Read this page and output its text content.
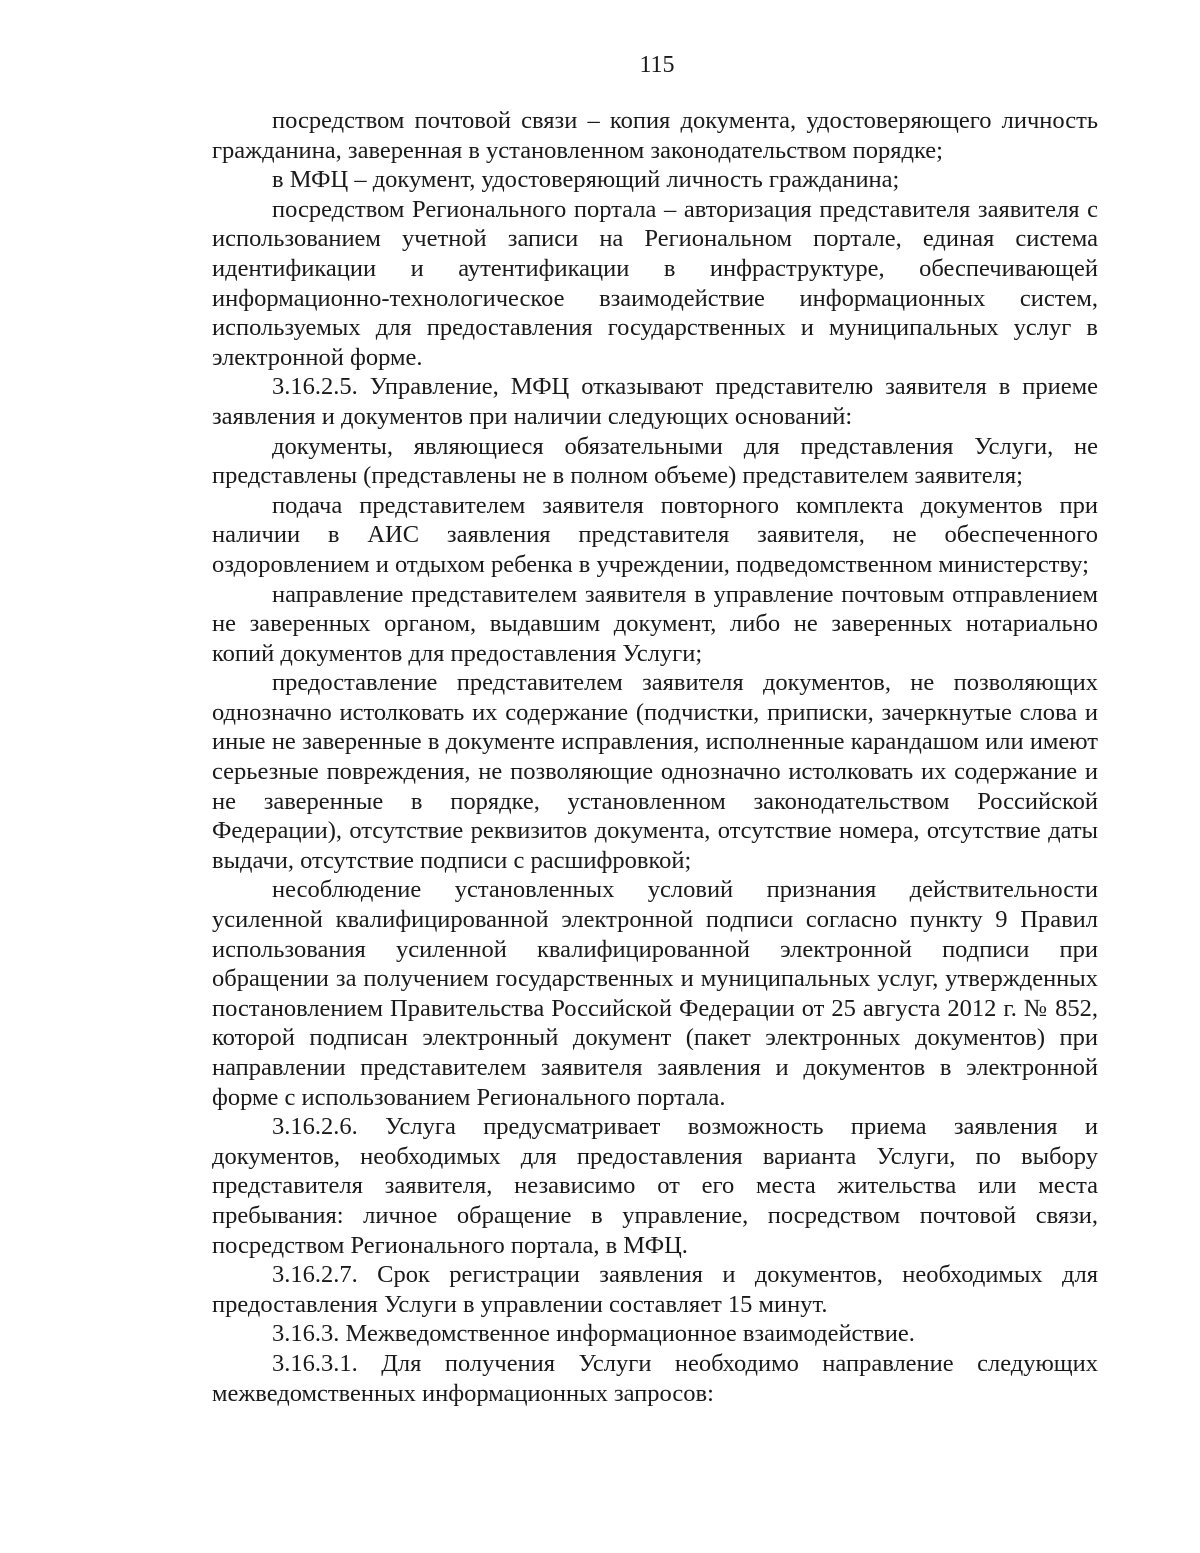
115

посредством почтовой связи – копия документа, удостоверяющего личность гражданина, заверенная в установленном законодательством порядке;

в МФЦ – документ, удостоверяющий личность гражданина;

посредством Регионального портала – авторизация представителя заявителя с использованием учетной записи на Региональном портале, единая система идентификации и аутентификации в инфраструктуре, обеспечивающей информационно-технологическое взаимодействие информационных систем, используемых для предоставления государственных и муниципальных услуг в электронной форме.

3.16.2.5. Управление, МФЦ отказывают представителю заявителя в приеме заявления и документов при наличии следующих оснований:

документы, являющиеся обязательными для представления Услуги, не представлены (представлены не в полном объеме) представителем заявителя;

подача представителем заявителя повторного комплекта документов при наличии в АИС заявления представителя заявителя, не обеспеченного оздоровлением и отдыхом ребенка в учреждении, подведомственном министерству;

направление представителем заявителя в управление почтовым отправлением не заверенных органом, выдавшим документ, либо не заверенных нотариально копий документов для предоставления Услуги;

предоставление представителем заявителя документов, не позволяющих однозначно истолковать их содержание (подчистки, приписки, зачеркнутые слова и иные не заверенные в документе исправления, исполненные карандашом или имеют серьезные повреждения, не позволяющие однозначно истолковать их содержание и не заверенные в порядке, установленном законодательством Российской Федерации), отсутствие реквизитов документа, отсутствие номера, отсутствие даты выдачи, отсутствие подписи с расшифровкой;

несоблюдение установленных условий признания действительности усиленной квалифицированной электронной подписи согласно пункту 9 Правил использования усиленной квалифицированной электронной подписи при обращении за получением государственных и муниципальных услуг, утвержденных постановлением Правительства Российской Федерации от 25 августа 2012 г. № 852, которой подписан электронный документ (пакет электронных документов) при направлении представителем заявителя заявления и документов в электронной форме с использованием Регионального портала.

3.16.2.6. Услуга предусматривает возможность приема заявления и документов, необходимых для предоставления варианта Услуги, по выбору представителя заявителя, независимо от его места жительства или места пребывания: личное обращение в управление, посредством почтовой связи, посредством Регионального портала, в МФЦ.

3.16.2.7. Срок регистрации заявления и документов, необходимых для предоставления Услуги в управлении составляет 15 минут.

3.16.3. Межведомственное информационное взаимодействие.

3.16.3.1. Для получения Услуги необходимо направление следующих межведомственных информационных запросов:
